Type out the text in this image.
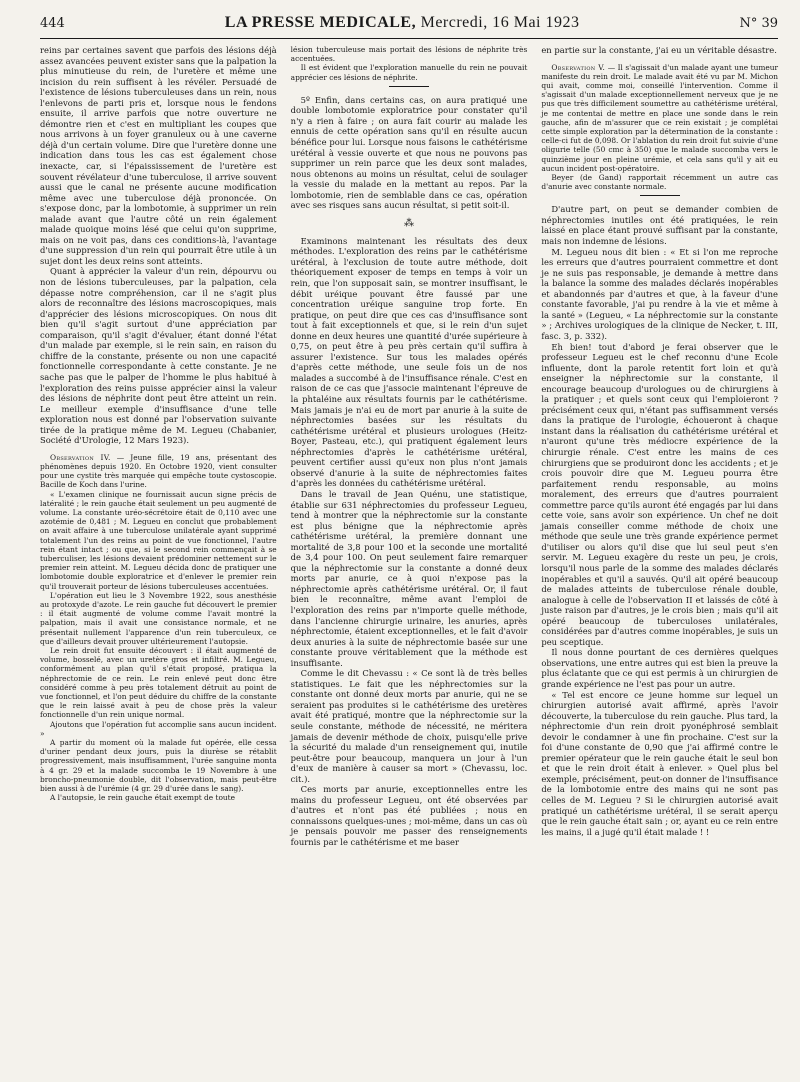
444	LA PRESSE MEDICALE, Mercredi, 16 Mai 1923	N° 39

reins par certaines savent que parfois des lésions déjà assez avancées peuvent exister sans que la palpation la plus minutieuse du rein, de l'uretère et même une incision du rein suffisent à les révéler. Persuadé de l'existence de lésions tuberculeuses dans un rein, nous l'enlevons de parti pris et, lorsque nous le fendons ensuite, il arrive parfois que notre ouverture ne démontre rien et c'est en multipliant les coupes que nous arrivons à un foyer granuleux ou à une caverne déjà d'un certain volume. Dire que l'uretère donne une indication dans tous les cas est également chose inexacte, car, si l'épaississement de l'uretère est souvent révélateur d'une tuberculose, il arrive souvent aussi que le canal ne présente aucune modification même avec une tuberculose déjà prononcée. On s'expose donc, par la lombotomie, à supprimer un rein malade avant que l'autre côté un rein également malade quoique moins lésé que celui qu'on supprime, mais on ne voit pas, dans ces conditions-là, l'avantage d'une suppression d'un rein qui pourrait être utile à un sujet dont les deux reins sont atteints.

Quant à apprécier la valeur d'un rein, dépourvu ou non de lésions tuberculeuses, par la palpation, cela dépasse notre compréhension, car il ne s'agit plus alors de reconnaître des lésions macroscopiques, mais d'apprécier des lésions microscopiques. On nous dit bien qu'il s'agit surtout d'une appréciation par comparaison, qu'il s'agit d'évaluer, étant donné l'état d'un malade par exemple, si le rein sain, en raison du chiffre de la constante, présente ou non une capacité fonctionnelle correspondante à cette constante. Je ne sache pas que le palper de l'homme le plus habitué à l'exploration des reins puisse apprécier ainsi la valeur des lésions de néphrite dont peut être atteint un rein. Le meilleur exemple d'insuffisance d'une telle exploration nous est donné par l'observation suivante tirée de la pratique même de M. Legueu (Chabanier, Société d'Urologie, 12 Mars 1923).

Observation IV. — Jeune fille, 19 ans, présentant des phénomènes depuis 1920. En Octobre 1920, vient consulter pour une cystite très marquée qui empêche toute cystoscopie. Bacille de Koch dans l'urine.

« L'examen clinique ne fournissait aucun signe précis de latéralité ; le rein gauche était seulement un peu augmenté de volume. La constante uréo-sécrétoire était de 0,110 avec une azotémie de 0,481 ; M. Legueu en conclut que probablement on avait affaire à une tuberculose unilatérale ayant supprimé totalement l'un des reins au point de vue fonctionnel, l'autre rein étant intact ; ou que, si le second rein commençait à se tuberculiser, les lésions devaient prédominer nettement sur le premier rein atteint. M. Legueu décida donc de pratiquer une lombotomie double exploratrice et d'enlever le premier rein qu'il trouverait porteur de lésions tuberculeuses accentuées.

L'opération eut lieu le 3 Novembre 1922, sous anesthésie au protoxyde d'azote. Le rein gauche fut découvert le premier : il était augmenté de volume comme l'avait montré la palpation, mais il avait une consistance normale, et ne présentait nullement l'apparence d'un rein tuberculeux, ce que d'ailleurs devait prouver ultérieurement l'autopsie.

Le rein droit fut ensuite découvert : il était augmenté de volume, bosselé, avec un uretère gros et infiltré. M. Legueu, conformément au plan qu'il s'était proposé, pratiqua la néphrectomie de ce rein. Le rein enlevé peut donc être considéré comme à peu près totalement détruit au point de vue fonctionnel, et l'on peut déduire du chiffre de la constante que le rein laissé avait à peu de chose près la valeur fonctionnelle d'un rein unique normal.

Ajoutons que l'opération fut accomplie sans aucun incident. »

A partir du moment où la malade fut opérée, elle cessa d'uriner pendant deux jours, puis la diurèse se rétablit progressivement, mais insuffisamment, l'urée sanguine monta à 4 gr. 29 et la malade succomba le 19 Novembre à une broncho-pneumonie double, dit l'observation, mais peut-être bien aussi à de l'urémie (4 gr. 29 d'urée dans le sang).

A l'autopsie, le rein gauche était exempt de toute

lésion tuberculeuse mais portait des lésions de néphrite très accentuées.

Il est évident que l'exploration manuelle du rein ne pouvait apprécier ces lésions de néphrite.

5º Enfin, dans certains cas, on aura pratiqué une double lombotomie exploratrice pour constater qu'il n'y a rien à faire ; on aura fait courir au malade les ennuis de cette opération sans qu'il en résulte aucun bénéfice pour lui. Lorsque nous faisons le cathétérisme urétéral à vessie ouverte et que nous ne pouvons pas supprimer un rein parce que les deux sont malades, nous obtenons au moins un résultat, celui de soulager la vessie du malade en la mettant au repos. Par la lombotomie, rien de semblable dans ce cas, opération avec ses risques sans aucun résultat, si petit soit-il.

⁂

Examinons maintenant les résultats des deux méthodes. L'exploration des reins par le cathétérisme urétéral, à l'exclusion de toute autre méthode, doit théoriquement exposer de temps en temps à voir un rein, que l'on supposait sain, se montrer insuffisant, le débit uréique pouvant être faussé par une concentration uréique sanguine trop forte. En pratique, on peut dire que ces cas d'insuffisance sont tout à fait exceptionnels et que, si le rein d'un sujet donne en deux heures une quantité d'urée supérieure à 0,75, on peut être à peu près certain qu'il suffira à assurer l'existence. Sur tous les malades opérés d'après cette méthode, une seule fois un de nos malades a succombé à de l'insuffisance rénale. C'est en raison de ce cas que j'associe maintenant l'épreuve de la phtaléine aux résultats fournis par le cathétérisme. Mais jamais je n'ai eu de mort par anurie à la suite de néphrectomies basées sur les résultats du cathétérisme urétéral et plusieurs urologues (Heitz-Boyer, Pasteau, etc.), qui pratiquent également leurs néphrectomies d'après le cathétérisme urétéral, peuvent certifier aussi qu'eux non plus n'ont jamais observé d'anurie à la suite de néphrectomies faites d'après les données du cathétérisme urétéral.

Dans le travail de Jean Quénu, une statistique, établie sur 631 néphrectomies du professeur Legueu, tend à montrer que la néphrectomie sur la constante est plus bénigne que la néphrectomie après cathétérisme urétéral, la première donnant une mortalité de 3,8 pour 100 et la seconde une mortalité de 3,4 pour 100. On peut seulement faire remarquer que la néphrectomie sur la constante a donné deux morts par anurie, ce à quoi n'expose pas la néphrectomie après cathétérisme urétéral. Or, il faut bien le reconnaître, même avant l'emploi de l'exploration des reins par n'importe quelle méthode, dans l'ancienne chirurgie urinaire, les anuries, après néphrectomie, étaient exceptionnelles, et le fait d'avoir deux anuries à la suite de néphrectomie basée sur une constante prouve véritablement que la méthode est insuffisante.

Comme le dit Chevassu : « Ce sont là de très belles statistiques. Le fait que les néphrectomies sur la constante ont donné deux morts par anurie, qui ne se seraient pas produites si le cathétérisme des uretères avait été pratiqué, montre que la néphrectomie sur la seule constante, méthode de nécessité, ne méritera jamais de devenir méthode de choix, puisqu'elle prive la sécurité du malade d'un renseignement qui, inutile peut-être pour beaucoup, manquera un jour à l'un d'eux de manière à causer sa mort » (Chevassu, loc. cit.).

Ces morts par anurie, exceptionnelles entre les mains du professeur Legueu, ont été observées par d'autres et n'ont pas été publiées ; nous en connaissons quelques-unes ; moi-même, dans un cas où je pensais pouvoir me passer des renseignements fournis par le cathétérisme et me baser

en partie sur la constante, j'ai eu un véritable désastre.

Observation V. — Il s'agissait d'un malade ayant une tumeur manifeste du rein droit. Le malade avait été vu par M. Michon qui avait, comme moi, conseillé l'intervention. Comme il s'agissait d'un malade exceptionnellement nerveux que je ne pus que très difficilement soumettre au cathétérisme urétéral, je me contentai de mettre en place une sonde dans le rein gauche, afin de m'assurer que ce rein existait ; je complétai cette simple exploration par la détermination de la constante : celle-ci fut de 0,098. Or l'ablation du rein droit fut suivie d'une oligurie telle (50 cmc à 350) que le malade succomba vers le quinzième jour en pleine urémie, et cela sans qu'il y ait eu aucun incident post-opératoire.

Beyer (de Gand) rapportait récemment un autre cas d'anurie avec constante normale.

D'autre part, on peut se demander combien de néphrectomies inutiles ont été pratiquées, le rein laissé en place étant prouvé suffisant par la constante, mais non indemne de lésions.

M. Legueu nous dit bien : « Et si l'on me reproche les erreurs que d'autres pourraient commettre et dont je ne suis pas responsable, je demande à mettre dans la balance la somme des malades déclarés inopérables et abandonnés par d'autres et que, à la faveur d'une constante favorable, j'ai pu rendre à la vie et même à la santé » (Legueu, « La néphrectomie sur la constante » ; Archives urologiques de la clinique de Necker, t. III, fasc. 3, p. 332).

Eh bien! tout d'abord je ferai observer que le professeur Legueu est le chef reconnu d'une Ecole influente, dont la parole retentit fort loin et qu'à enseigner la néphrectomie sur la constante, il encourage beaucoup d'urologues ou de chirurgiens à la pratiquer ; et quels sont ceux qui l'emploieront ? précisément ceux qui, n'étant pas suffisamment versés dans la pratique de l'urologie, échoueront à chaque instant dans la réalisation du cathétérisme urétéral et n'auront qu'une très médiocre expérience de la chirurgie rénale. C'est entre les mains de ces chirurgiens que se produiront donc les accidents ; et je crois pouvoir dire que M. Legueu pourra être parfaitement rendu responsable, au moins moralement, des erreurs que d'autres pourraient commettre parce qu'ils auront été engagés par lui dans cette voie, sans avoir son expérience. Un chef ne doit jamais conseiller comme méthode de choix une méthode que seule une très grande expérience permet d'utiliser ou alors qu'il dise que lui seul peut s'en servir. M. Legueu exagère du reste un peu, je crois, lorsqu'il nous parle de la somme des malades déclarés inopérables et qu'il a sauvés. Qu'il ait opéré beaucoup de malades atteints de tuberculose rénale double, analogue à celle de l'observation II et laissés de côté à juste raison par d'autres, je le crois bien ; mais qu'il ait opéré beaucoup de tuberculoses unilatérales, considérées par d'autres comme inopérables, je suis un peu sceptique.

Il nous donne pourtant de ces dernières quelques observations, une entre autres qui est bien la preuve la plus éclatante que ce qui est permis à un chirurgien de grande expérience ne l'est pas pour un autre.

« Tel est encore ce jeune homme sur lequel un chirurgien autorisé avait affirmé, après l'avoir découverte, la tuberculose du rein gauche. Plus tard, la néphrectomie d'un rein droit pyonéphrosé semblait devoir le condamner à une fin prochaine. C'est sur la foi d'une constante de 0,90 que j'ai affirmé contre le premier opérateur que le rein gauche était le seul bon et que le rein droit était à enlever. » Quel plus bel exemple, précisément, peut-on donner de l'insuffisance de la lombotomie entre des mains qui ne sont pas celles de M. Legueu ? Si le chirurgien autorisé avait pratiqué un cathétérisme urétéral, il se serait aperçu que le rein gauche était sain ; or, ayant eu ce rein entre les mains, il a jugé qu'il était malade ! !
